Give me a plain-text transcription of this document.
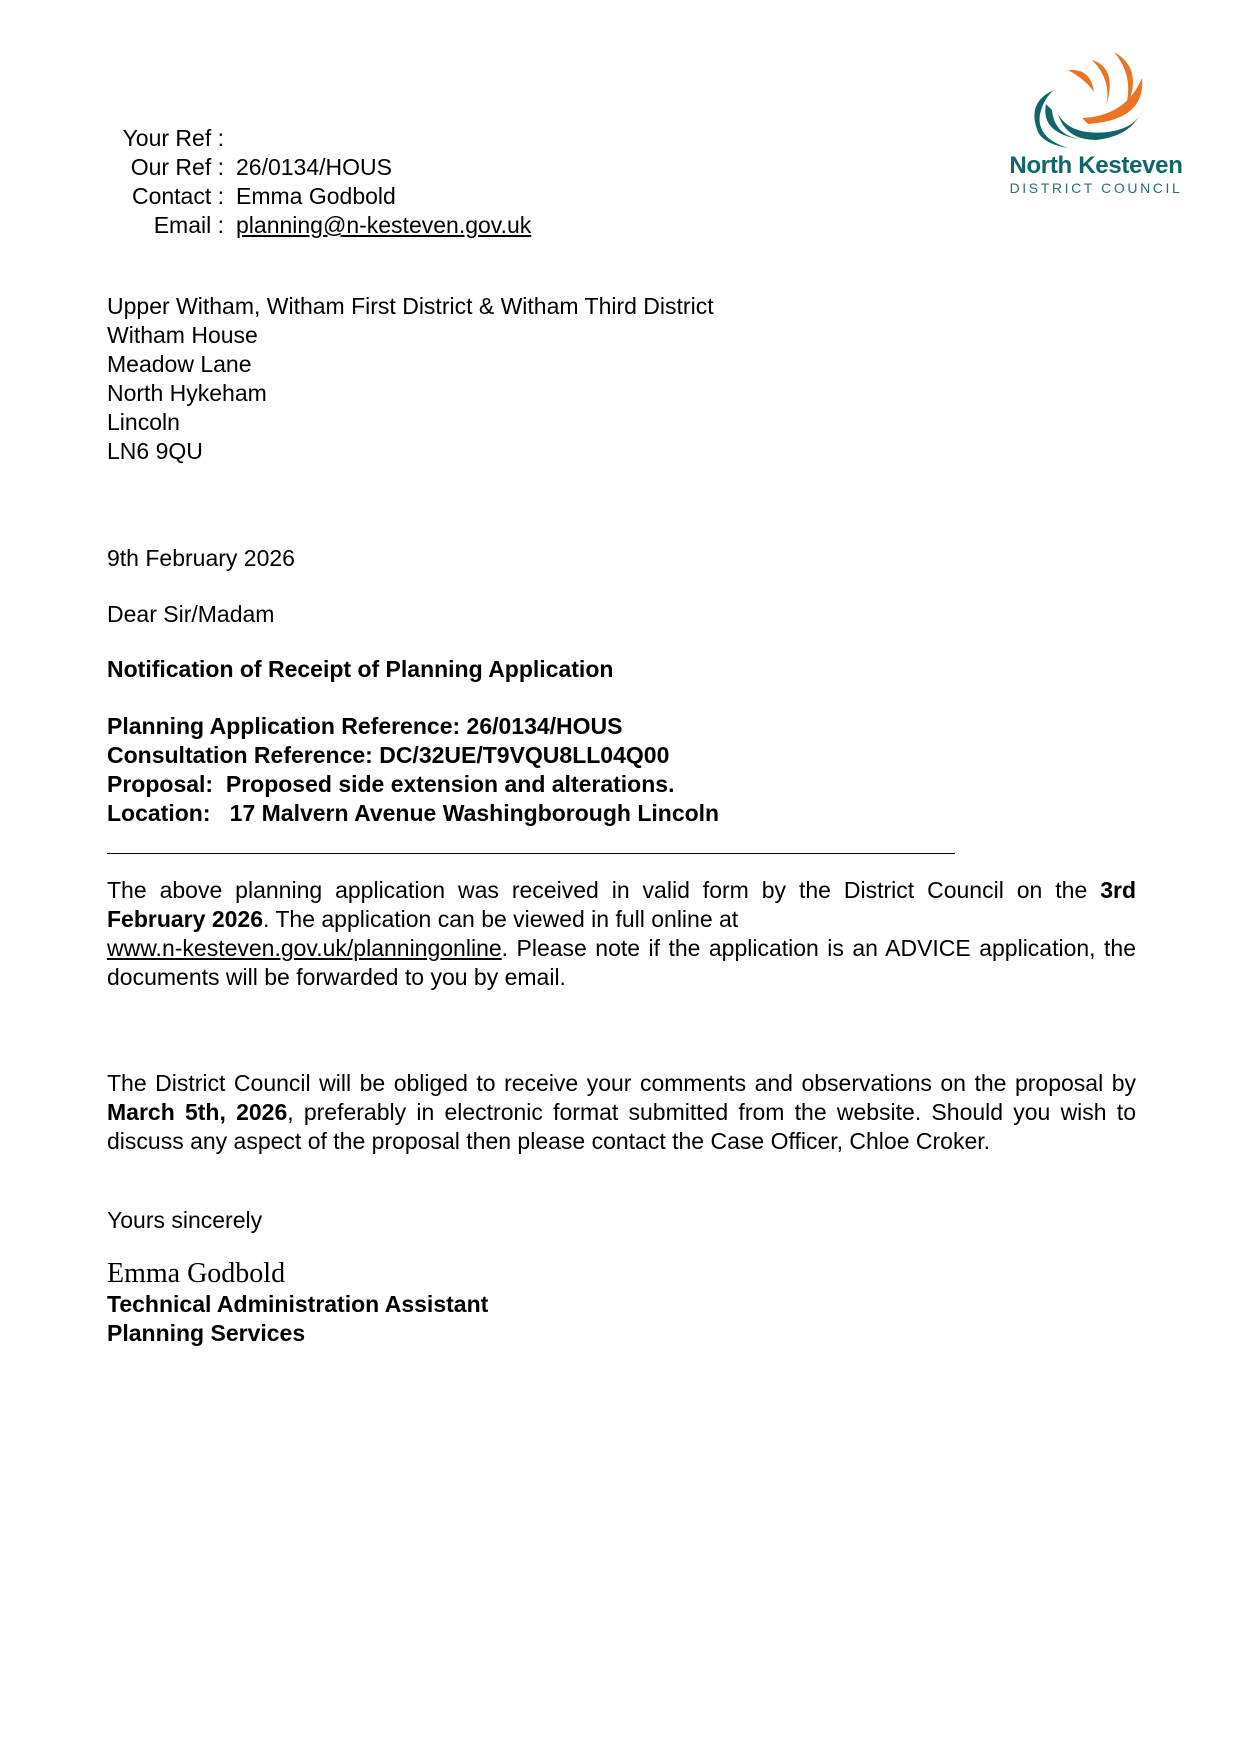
North Kesteven
DISTRICT COUNCIL
Your Ref :
Our Ref : 26/0134/HOUS
Contact : Emma Godbold
Email : planning@n-kesteven.gov.uk
Upper Witham, Witham First District & Witham Third District
Witham House
Meadow Lane
North Hykeham
Lincoln
LN6 9QU
9th February 2026
Dear Sir/Madam
Notification of Receipt of Planning Application
Planning Application Reference: 26/0134/HOUS
Consultation Reference: DC/32UE/T9VQU8LL04Q00
Proposal:  Proposed side extension and alterations.
Location:   17 Malvern Avenue Washingborough Lincoln
The above planning application was received in valid form by the District Council on the 3rd February 2026. The application can be viewed in full online at

www.n-kesteven.gov.uk/planningonline. Please note if the application is an ADVICE application, the documents will be forwarded to you by email.
The District Council will be obliged to receive your comments and observations on the proposal by March 5th, 2026, preferably in electronic format submitted from the website. Should you wish to discuss any aspect of the proposal then please contact the Case Officer, Chloe Croker.
Yours sincerely
Emma Godbold
Technical Administration Assistant
Planning Services
